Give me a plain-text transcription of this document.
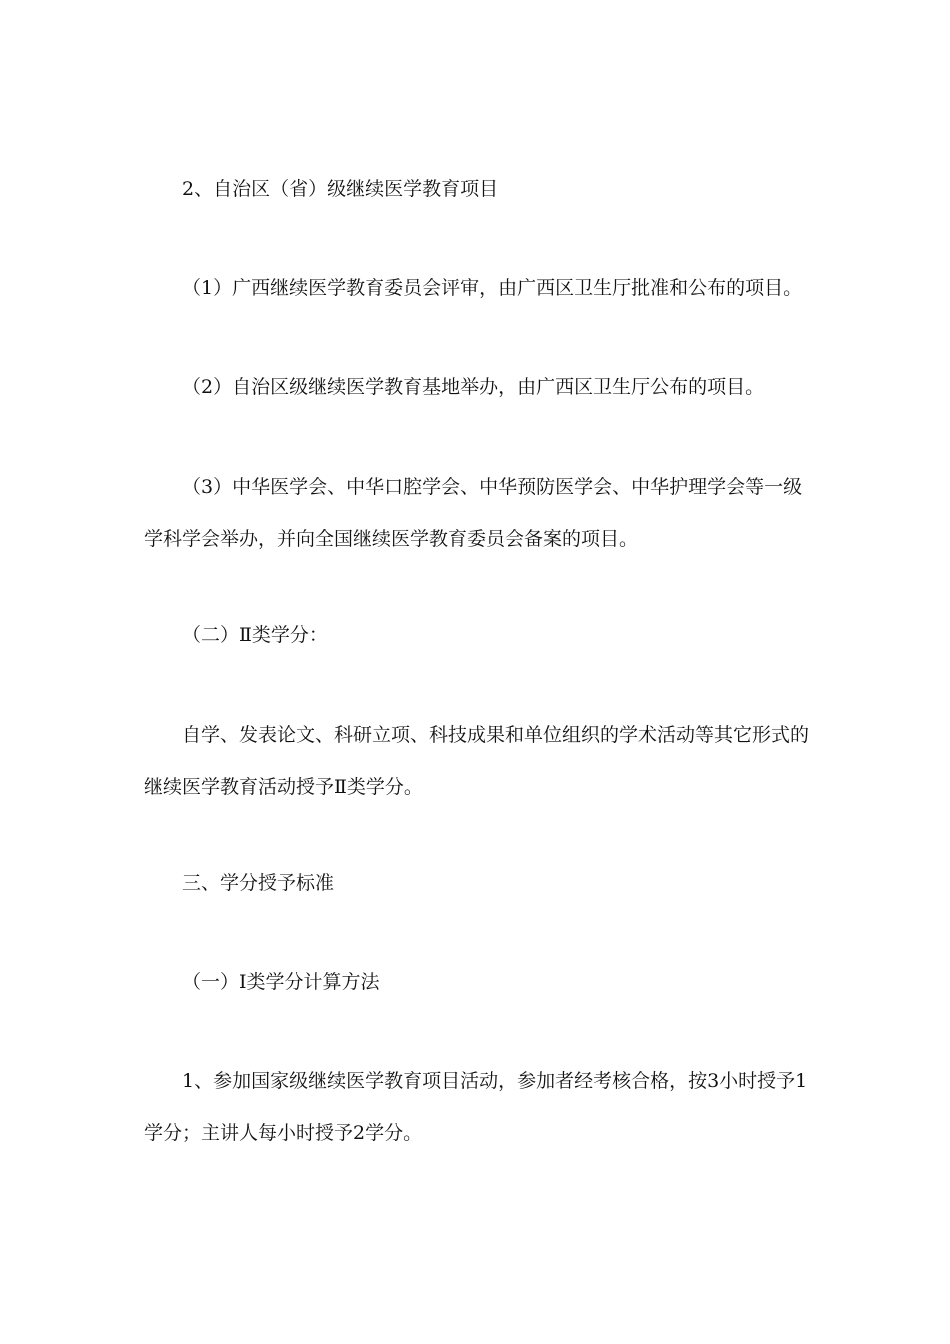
2、自治区（省）级继续医学教育项目

（1）广西继续医学教育委员会评审，由广西区卫生厅批准和公布的项目。

（2）自治区级继续医学教育基地举办，由广西区卫生厅公布的项目。

（3）中华医学会、中华口腔学会、中华预防医学会、中华护理学会等一级学科学会举办，并向全国继续医学教育委员会备案的项目。

（二）Ⅱ类学分：

自学、发表论文、科研立项、科技成果和单位组织的学术活动等其它形式的继续医学教育活动授予Ⅱ类学分。

三、学分授予标准

（一）I类学分计算方法

1、参加国家级继续医学教育项目活动，参加者经考核合格，按3小时授予1学分；主讲人每小时授予2学分。
